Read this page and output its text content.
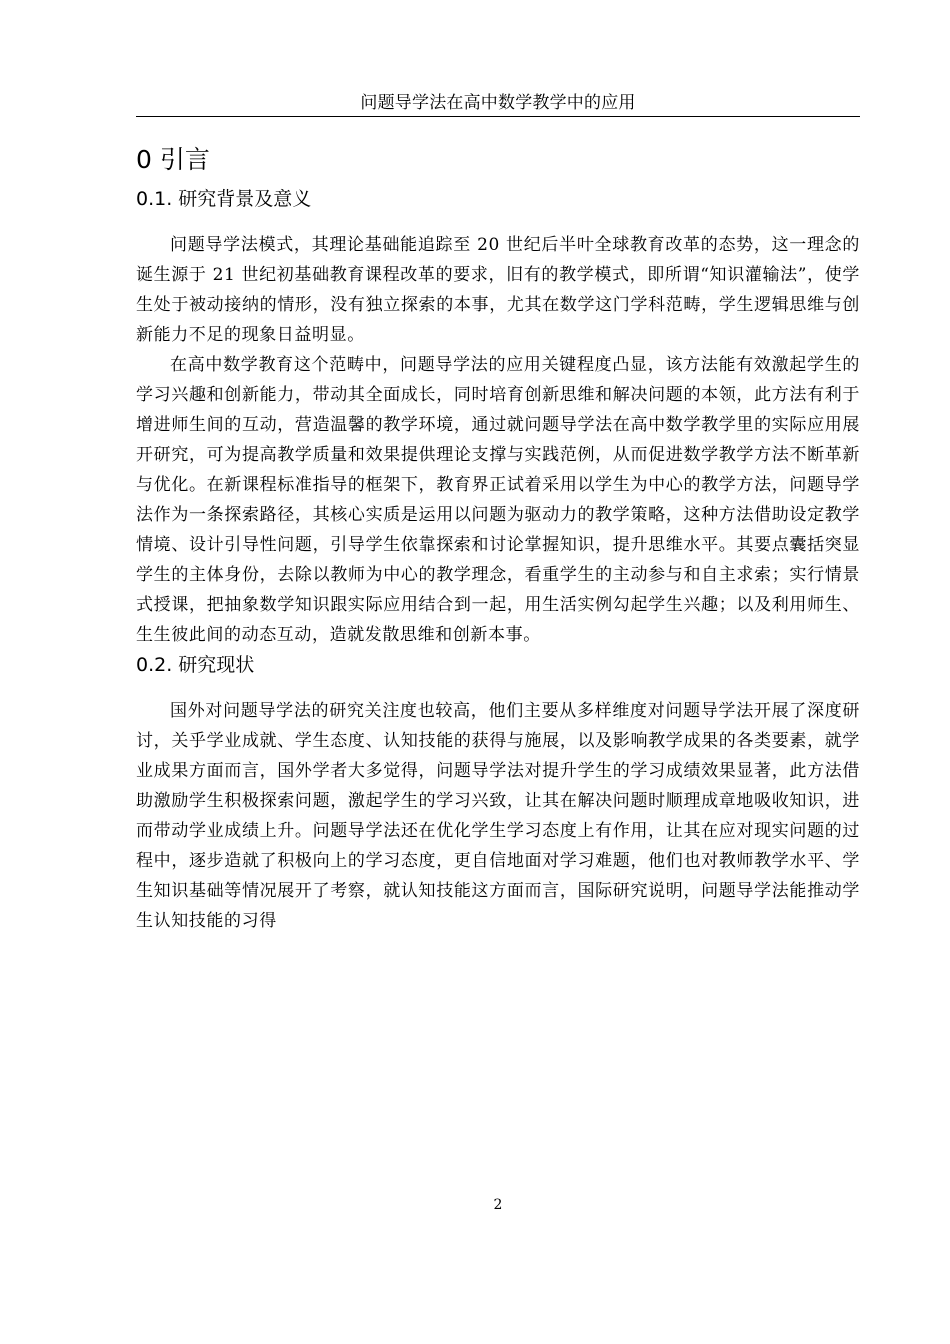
问题导学法在高中数学教学中的应用
0 引言
0.1. 研究背景及意义

问题导学法模式，其理论基础能追踪至 20 世纪后半叶全球教育改革的态势，这一理念的诞生源于 21 世纪初基础教育课程改革的要求，旧有的教学模式，即所谓“知识灌输法”，使学生处于被动接纳的情形，没有独立探索的本事，尤其在数学这门学科范畴，学生逻辑思维与创新能力不足的现象日益明显。

在高中数学教育这个范畴中，问题导学法的应用关键程度凸显，该方法能有效激起学生的学习兴趣和创新能力，带动其全面成长，同时培育创新思维和解决问题的本领，此方法有利于增进师生间的互动，营造温馨的教学环境，通过就问题导学法在高中数学教学里的实际应用展开研究，可为提高教学质量和效果提供理论支撑与实践范例，从而促进数学教学方法不断革新与优化。在新课程标准指导的框架下，教育界正试着采用以学生为中心的教学方法，问题导学法作为一条探索路径，其核心实质是运用以问题为驱动力的教学策略，这种方法借助设定教学情境、设计引导性问题，引导学生依靠探索和讨论掌握知识，提升思维水平。其要点囊括突显学生的主体身份，去除以教师为中心的教学理念，看重学生的主动参与和自主求索；实行情景式授课，把抽象数学知识跟实际应用结合到一起，用生活实例勾起学生兴趣；以及利用师生、生生彼此间的动态互动，造就发散思维和创新本事。

0.2. 研究现状

国外对问题导学法的研究关注度也较高，他们主要从多样维度对问题导学法开展了深度研讨，关乎学业成就、学生态度、认知技能的获得与施展，以及影响教学成果的各类要素，就学业成果方面而言，国外学者大多觉得，问题导学法对提升学生的学习成绩效果显著，此方法借助激励学生积极探索问题，激起学生的学习兴致，让其在解决问题时顺理成章地吸收知识，进而带动学业成绩上升。问题导学法还在优化学生学习态度上有作用，让其在应对现实问题的过程中，逐步造就了积极向上的学习态度，更自信地面对学习难题，他们也对教师教学水平、学生知识基础等情况展开了考察，就认知技能这方面而言，国际研究说明，问题导学法能推动学生认知技能的习得

2
